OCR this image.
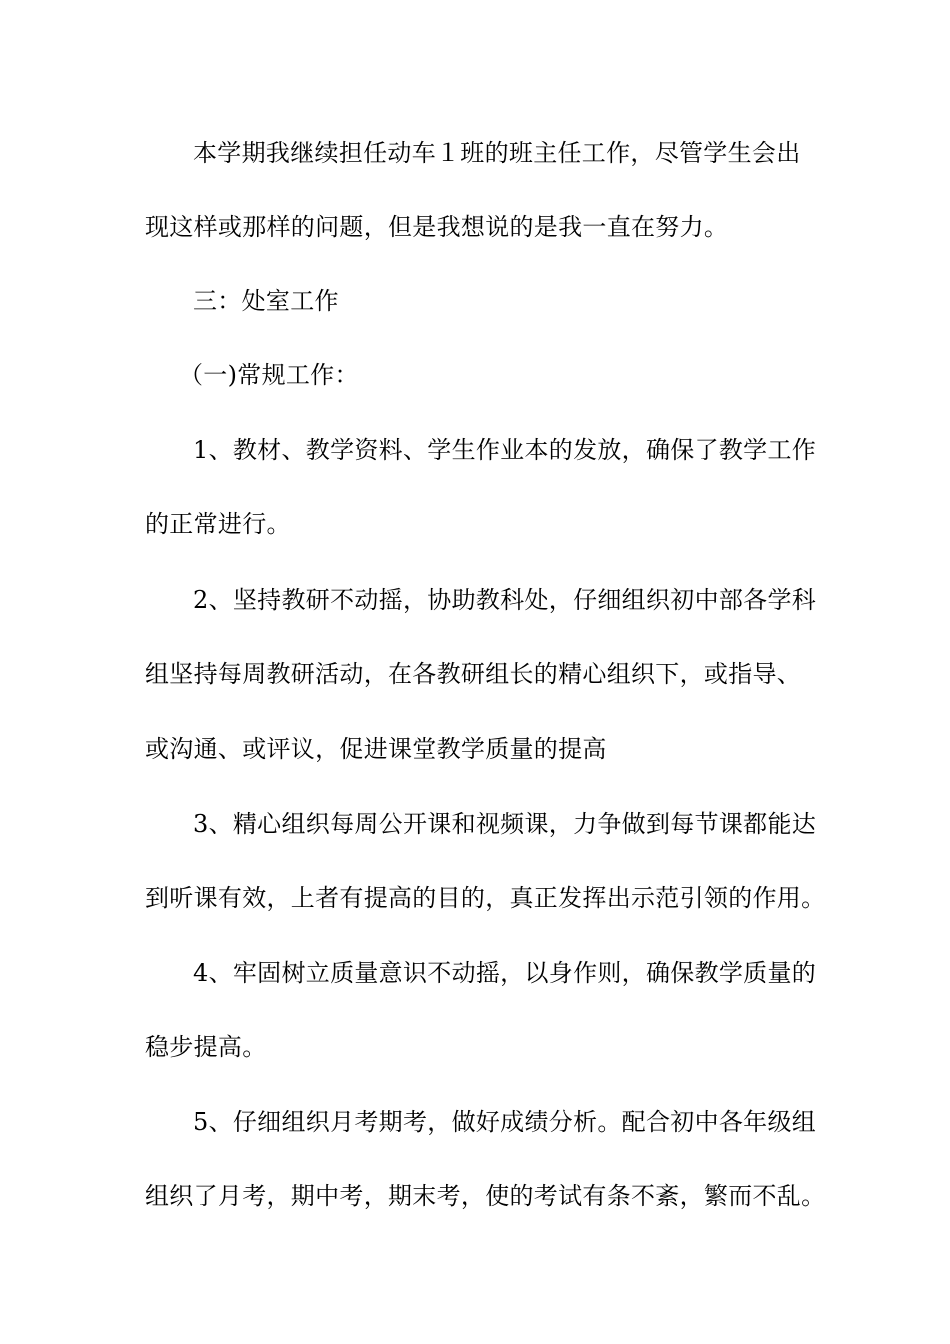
本学期我继续担任动车１班的班主任工作，尽管学生会出
现这样或那样的问题，但是我想说的是我一直在努力。
三：处室工作
（一)常规工作：
1、教材、教学资料、学生作业本的发放，确保了教学工作
的正常进行。
2、坚持教研不动摇，协助教科处，仔细组织初中部各学科
组坚持每周教研活动，在各教研组长的精心组织下，或指导、
或沟通、或评议，促进课堂教学质量的提高
3、精心组织每周公开课和视频课，力争做到每节课都能达
到听课有效，上者有提高的目的，真正发挥出示范引领的作用。
4、牢固树立质量意识不动摇，以身作则，确保教学质量的
稳步提高。
5、仔细组织月考期考，做好成绩分析。配合初中各年级组
组织了月考，期中考，期末考，使的考试有条不紊，繁而不乱。
